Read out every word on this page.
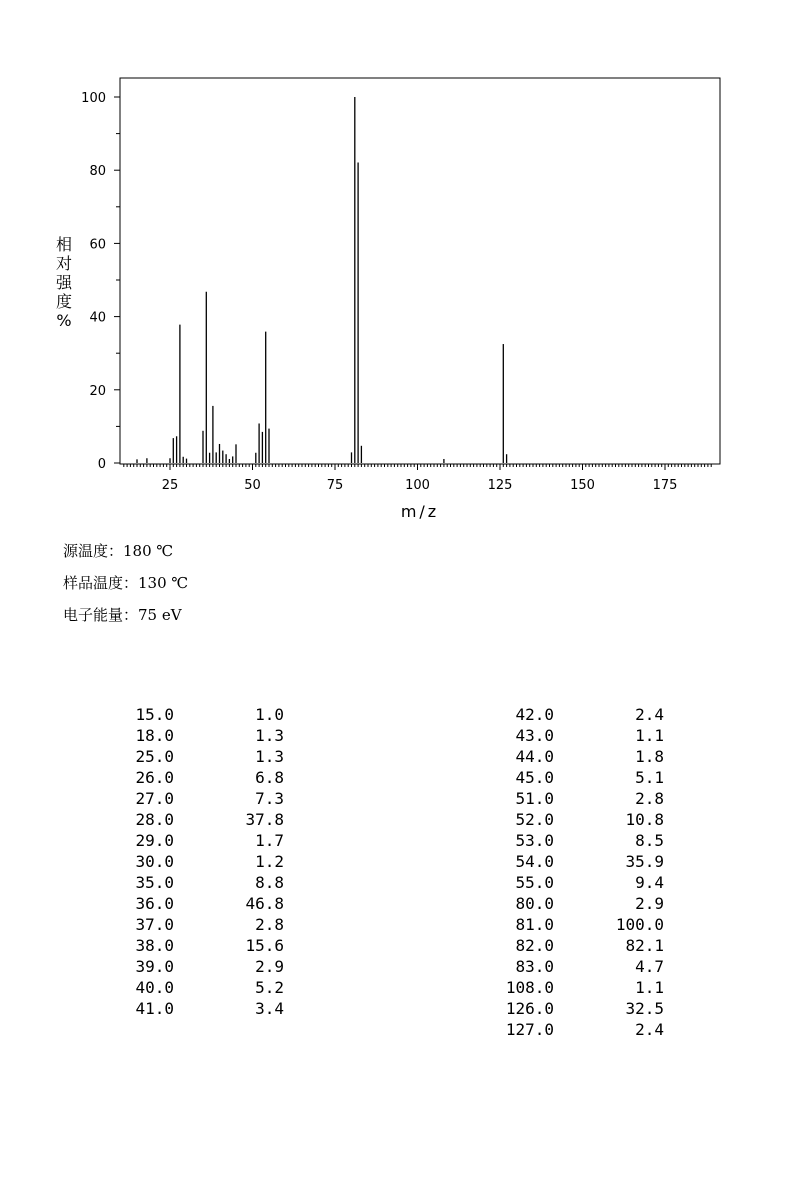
0
20
40
60
80
100
25	50	75	100	125	150	175
m/z
相
对
强
度
%
源温度：180 ℃
样品温度：130 ℃
电子能量：75 eV
15.0	1.0
18.0	1.3
25.0	1.3
26.0	6.8
27.0	7.3
28.0	37.8
29.0	1.7
30.0	1.2
35.0	8.8
36.0	46.8
37.0	2.8
38.0	15.6
39.0	2.9
40.0	5.2
41.0	3.4
42.0	2.4
43.0	1.1
44.0	1.8
45.0	5.1
51.0	2.8
52.0	10.8
53.0	8.5
54.0	35.9
55.0	9.4
80.0	2.9
81.0	100.0
82.0	82.1
83.0	4.7
108.0	1.1
126.0	32.5
127.0	2.4
